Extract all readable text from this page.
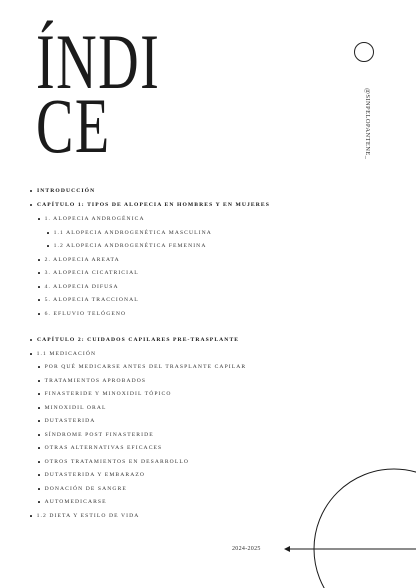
ÍNDI
CE	@SINPELOPANTENE_
INTRODUCCIÓN
CAPÍTULO 1: TIPOS DE ALOPECIA EN HOMBRES Y EN MUJERES
1. ALOPECIA ANDROGÉNICA
1.1 ALOPECIA ANDROGENÉTICA MASCULINA
1.2 ALOPECIA ANDROGENÉTICA FEMENINA
2. ALOPECIA AREATA
3. ALOPECIA CICATRICIAL
4. ALOPECIA DIFUSA
5. ALOPECIA TRACCIONAL
6. EFLUVIO TELÓGENO
CAPÍTULO 2: CUIDADOS CAPILARES PRE-TRASPLANTE
1.1 MEDICACIÓN
POR QUÉ MEDICARSE ANTES DEL TRASPLANTE CAPILAR
TRATAMIENTOS APROBADOS
FINASTERIDE Y MINOXIDIL TÓPICO
MINOXIDIL ORAL
DUTASTERIDA
SÍNDROME POST FINASTERIDE
OTRAS ALTERNATIVAS EFICACES
OTROS TRATAMIENTOS EN DESARROLLO
DUTASTERIDA Y EMBARAZO
DONACIÓN DE SANGRE
AUTOMEDICARSE
1.2 DIETA Y ESTILO DE VIDA
2024-2025
